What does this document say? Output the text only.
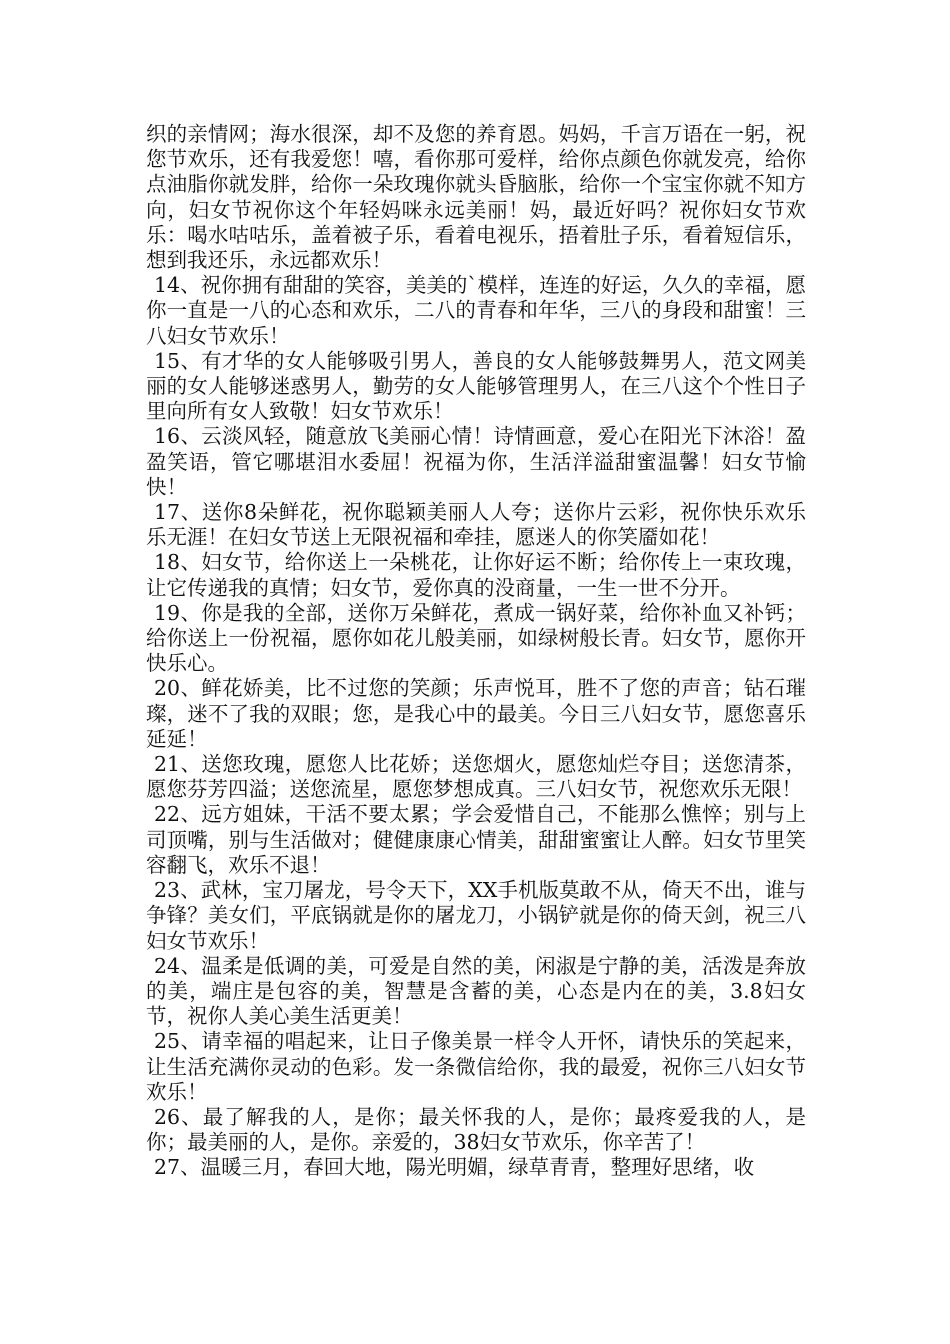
织的亲情网；海水很深，却不及您的养育恩。妈妈，千言万语在一躬，祝您节欢乐，还有我爱您！嘻，看你那可爱样，给你点颜色你就发亮，给你点油脂你就发胖，给你一朵玫瑰你就头昏脑胀，给你一个宝宝你就不知方向，妇女节祝你这个年轻妈咪永远美丽！妈，最近好吗？祝你妇女节欢乐：喝水咕咕乐，盖着被子乐，看着电视乐，捂着肚子乐，看着短信乐，想到我还乐，永远都欢乐！

14、祝你拥有甜甜的笑容，美美的`模样，连连的好运，久久的幸福，愿你一直是一八的心态和欢乐，二八的青春和年华，三八的身段和甜蜜！三八妇女节欢乐！

15、有才华的女人能够吸引男人，善良的女人能够鼓舞男人，范文网美丽的女人能够迷惑男人，勤劳的女人能够管理男人，在三八这个个性日子里向所有女人致敬！妇女节欢乐！

16、云淡风轻，随意放飞美丽心情！诗情画意，爱心在阳光下沐浴！盈盈笑语，管它哪堪泪水委屈！祝福为你，生活洋溢甜蜜温馨！妇女节愉快！

17、送你8朵鲜花，祝你聪颖美丽人人夸；送你片云彩，祝你快乐欢乐乐无涯！在妇女节送上无限祝福和牵挂，愿迷人的你笑靥如花！

18、妇女节，给你送上一朵桃花，让你好运不断；给你传上一束玫瑰，让它传递我的真情；妇女节，爱你真的没商量，一生一世不分开。

19、你是我的全部，送你万朵鲜花，煮成一锅好菜，给你补血又补钙；给你送上一份祝福，愿你如花儿般美丽，如绿树般长青。妇女节，愿你开快乐心。

20、鲜花娇美，比不过您的笑颜；乐声悦耳，胜不了您的声音；钻石璀璨，迷不了我的双眼；您，是我心中的最美。今日三八妇女节，愿您喜乐延延！

21、送您玫瑰，愿您人比花娇；送您烟火，愿您灿烂夺目；送您清茶，愿您芬芳四溢；送您流星，愿您梦想成真。三八妇女节，祝您欢乐无限！

22、远方姐妹，干活不要太累；学会爱惜自己，不能那么憔悴；别与上司顶嘴，别与生活做对；健健康康心情美，甜甜蜜蜜让人醉。妇女节里笑容翻飞，欢乐不退！

23、武林，宝刀屠龙，号令天下，XX手机版莫敢不从，倚天不出，谁与争锋？美女们，平底锅就是你的屠龙刀，小锅铲就是你的倚天剑，祝三八妇女节欢乐！

24、温柔是低调的美，可爱是自然的美，闲淑是宁静的美，活泼是奔放的美，端庄是包容的美，智慧是含蓄的美，心态是内在的美，3.8妇女节，祝你人美心美生活更美！

25、请幸福的唱起来，让日子像美景一样令人开怀，请快乐的笑起来，让生活充满你灵动的色彩。发一条微信给你，我的最爱，祝你三八妇女节欢乐！

26、最了解我的人，是你；最关怀我的人，是你；最疼爱我的人，是你；最美丽的人，是你。亲爱的，38妇女节欢乐，你辛苦了！

27、温暖三月，春回大地，陽光明媚，绿草青青，整理好思绪，收
